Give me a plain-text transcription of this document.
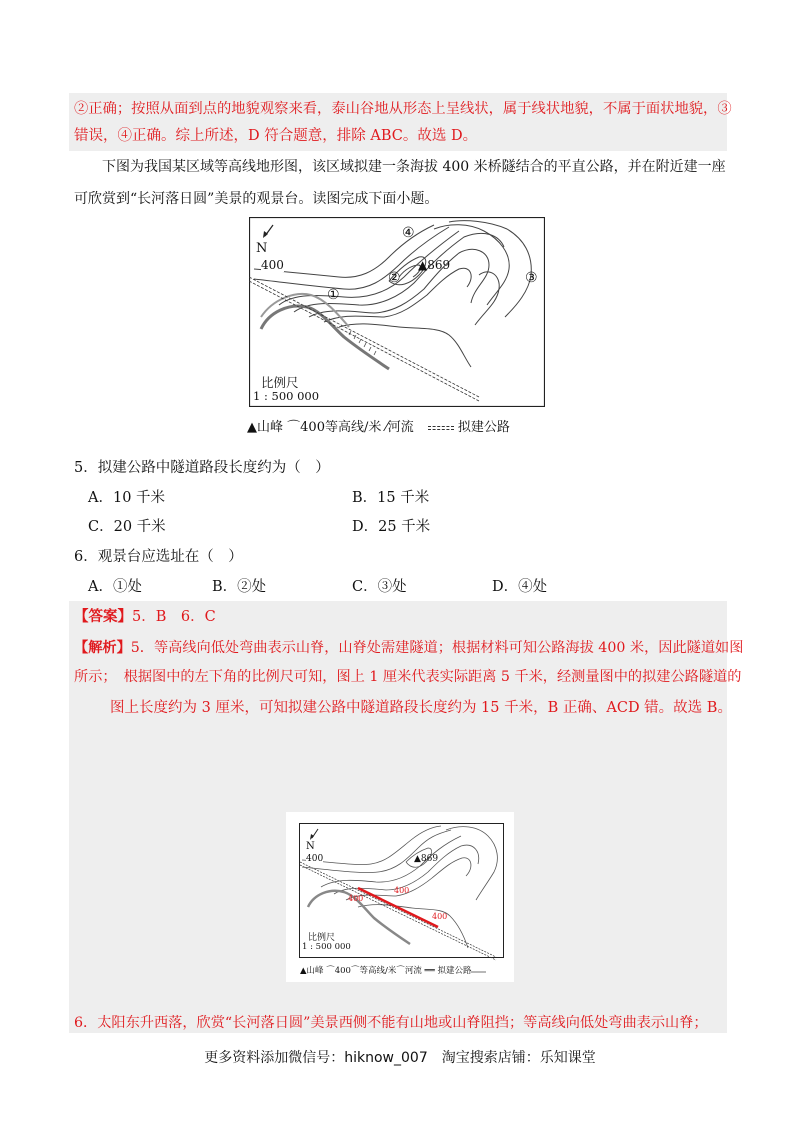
②正确；按照从面到点的地貌观察来看，泰山谷地从形态上呈线状，属于线状地貌，不属于面状地貌，③
错误，④正确。综上所述，D 符合题意，排除 ABC。故选 D。
下图为我国某区域等高线地形图，该区域拟建一条海拔 400 米桥隧结合的平直公路，并在附近建一座
可欣赏到“长河落日圆”美景的观景台。读图完成下面小题。
N
400	▲869
①
②	③
④
比例尺
1 : 500 000
▲山峰 ⌒400等高线/米 ⁄河流	拟建公路
5．拟建公路中隧道路段长度约为（　）
A．10 千米	B．15 千米
C．20 千米	D．25 千米
6．观景台应选址在（　）
A．①处	B．②处	C．③处	D．④处
【答案】5．B　6．C
【解析】5．等高线向低处弯曲表示山脊，山脊处需建隧道；根据材料可知公路海拔 400 米，因此隧道如图
所示；　根据图中的左下角的比例尺可知，图上 1 厘米代表实际距离 5 千米，经测量图中的拟建公路隧道的
图上长度约为 3 厘米，可知拟建公路中隧道路段长度约为 15 千米，B 正确、ACD 错。故选 B。
N
400	▲869
400
400
400
比例尺
1 : 500 000
▲山峰 ⌒400⌒等高线/米⌒河流 ══ 拟建公路
6．太阳东升西落，欣赏“长河落日圆”美景西侧不能有山地或山脊阻挡；等高线向低处弯曲表示山脊；
更多资料添加微信号：hiknow_007　淘宝搜索店铺：乐知课堂
